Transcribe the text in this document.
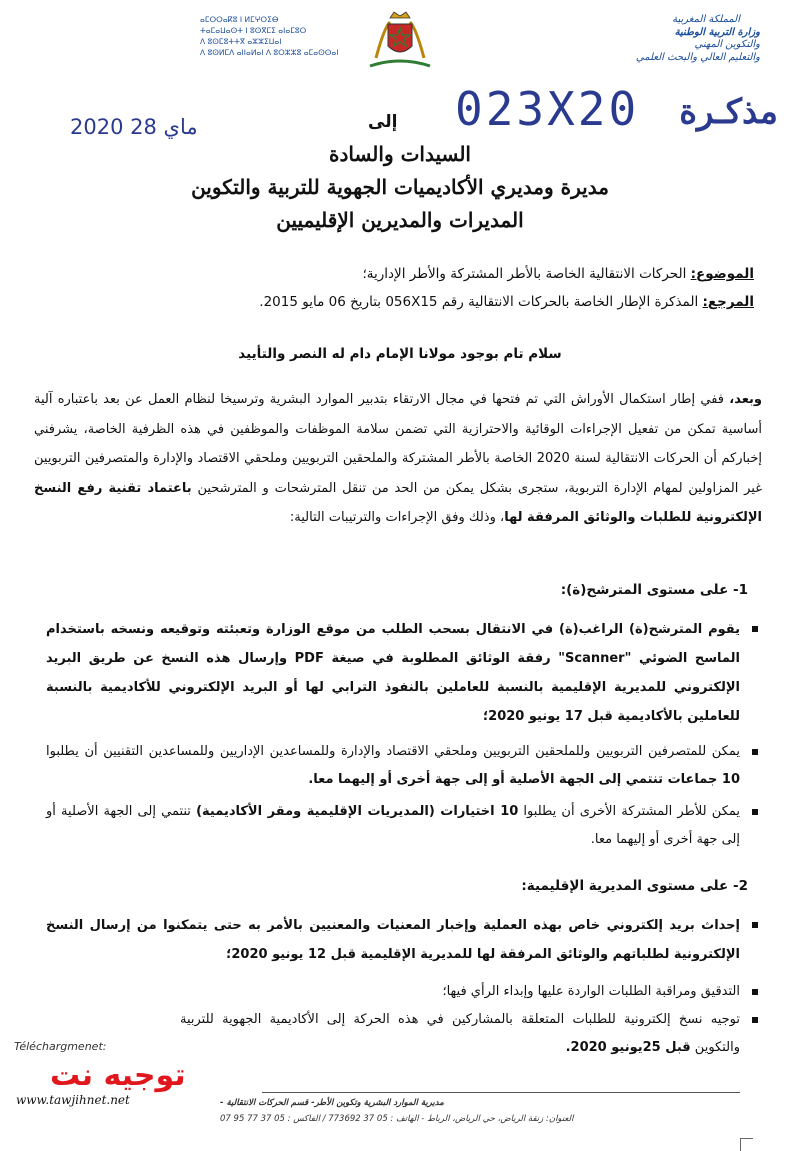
ⴰⵎⵔⵔⴰⴽⵓ ⵏ ⵍⵎⵖⵔⵉⴱ
ⵜⴰⵎⴰⵡⴰⵙⵜ ⵏ ⵓⵙⴳⵎⵉ ⴰⵏⴰⵎⵓⵔ
ⴷ ⵓⵙⵎⵓⵜⵜⴳ ⴰⵣⵣⵉⵡⴰⵏ
ⴷ ⵓⵙⵍⵎⴷ ⴰⵏⵏⴰⵍⴰⵏ ⴷ ⵓⵔⵣⵣⵓ ⴰⵎⴰⵙⵙⴰⵏ
المملكة المغربية
وزارة التربية الوطنية
والتكوين المهني
والتعليم العالي والبحث العلمي
مذكـرة
023X20
2020 ماي 28	إلى
السيدات والسادة
مديرة ومديري الأكاديميات الجهوية للتربية والتكوين
المديرات والمديرين الإقليميين
الموضوع: الحركات الانتقالية الخاصة بالأطر المشتركة والأطر الإدارية؛
المرجع: المذكرة الإطار الخاصة بالحركات الانتقالية رقم 056X15 بتاريخ 06 مايو 2015.
سلام تام بوجود مولانا الإمام دام له النصر والتأييد
وبعد، ففي إطار استكمال الأوراش التي تم فتحها في مجال الارتقاء بتدبير الموارد البشرية وترسيخا لنظام العمل عن بعد باعتباره آلية أساسية تمكن من تفعيل الإجراءات الوقائية والاحترازية التي تضمن سلامة الموظفات والموظفين في هذه الظرفية الخاصة، يشرفني إخباركم أن الحركات الانتقالية لسنة 2020 الخاصة بالأطر المشتركة والملحقين التربويين وملحقي الاقتصاد والإدارة والمتصرفين التربويين غير المزاولين لمهام الإدارة التربوية، ستجرى بشكل يمكن من الحد من تنقل المترشحات و المترشحين باعتماد تقنية رفع النسخ الإلكترونية للطلبات والوثائق المرفقة لها، وذلك وفق الإجراءات والترتيبات التالية:
1- على مستوى المترشح(ة):
يقوم المترشح(ة) الراغب(ة) في الانتقال بسحب الطلب من موقع الوزارة وتعبئته وتوقيعه ونسخه باستخدام الماسح الضوئي "Scanner" رفقة الوثائق المطلوبة في صيغة PDF وإرسال هذه النسخ عن طريق البريد الإلكتروني للمديرية الإقليمية بالنسبة للعاملين بالنفوذ الترابي لها أو البريد الإلكتروني للأكاديمية بالنسبة للعاملين بالأكاديمية قبل 17 يونيو 2020؛
يمكن للمتصرفين التربويين وللملحقين التربويين وملحقي الاقتصاد والإدارة وللمساعدين الإداريين وللمساعدين التقنيين أن يطلبوا 10 جماعات تنتمي إلى الجهة الأصلية أو إلى جهة أخرى أو إليهما معا.
يمكن للأطر المشتركة الأخرى أن يطلبوا 10 اختيارات (المديريات الإقليمية ومقر الأكاديمية) تنتمي إلى الجهة الأصلية أو إلى جهة أخرى أو إليهما معا.
2- على مستوى المديرية الإقليمية:
إحداث بريد إلكتروني خاص بهذه العملية وإخبار المعنيات والمعنيين بالأمر به حتى يتمكنوا من إرسال النسخ الإلكترونية لطلباتهم والوثائق المرفقة لها للمديرية الإقليمية قبل 12 يونيو 2020؛
التدقيق ومراقبة الطلبات الواردة عليها وإبداء الرأي فيها؛
توجيه نسخ إلكترونية للطلبات المتعلقة بالمشاركين في هذه الحركة إلى الأكاديمية الجهوية للتربية والتكوين قبل 25يونيو 2020.
Téléchargmenet:
توجيه نت
www.tawjihnet.net	مديرية الموارد البشرية وتكوين الأطر- قسم الحركات الانتقالية -
العنوان: زنقة الرياض، حي الرياض، الرباط - الهاتف : 05 37 773692 / الفاكس : 05 37 77 95 07
